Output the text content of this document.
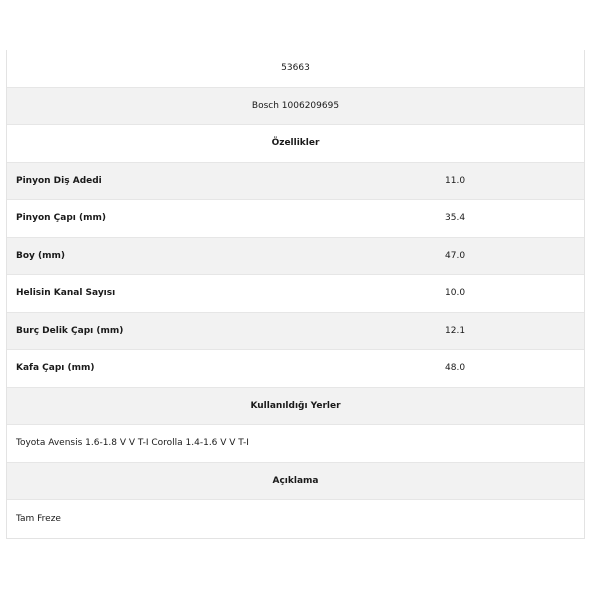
53663
Bosch 1006209695
Özellikler
Pinyon Diş Adedi	11.0
Pinyon Çapı (mm)	35.4
Boy (mm)	47.0
Helisin Kanal Sayısı	10.0
Burç Delik Çapı (mm)	12.1
Kafa Çapı (mm)	48.0
Kullanıldığı Yerler
Toyota Avensis 1.6-1.8 V V T-I Corolla 1.4-1.6 V V T-I
Açıklama
Tam Freze
